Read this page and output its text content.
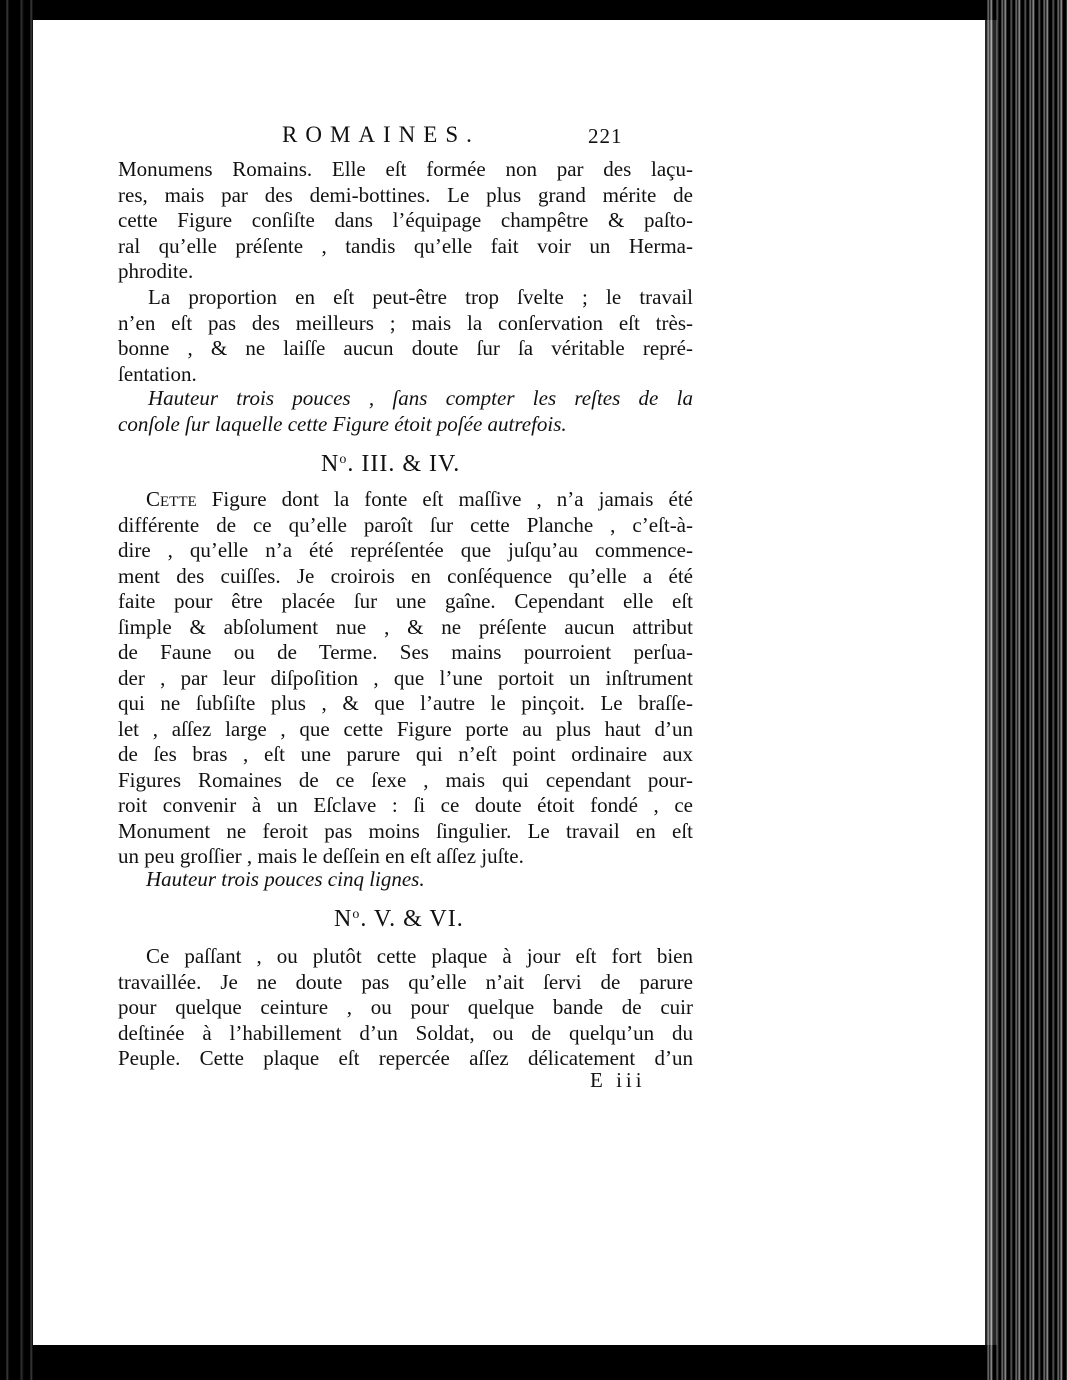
ROMAINES.	221
Monumens Romains. Elle eſt formée non par des laçu-
res, mais par des demi-bottines. Le plus grand mérite de
cette Figure conſiſte dans l’équipage champêtre & paſto-
ral qu’elle préſente , tandis qu’elle fait voir un Herma-
phrodite.
La proportion en eſt peut-être trop ſvelte ; le travail
n’en eſt pas des meilleurs ; mais la conſervation eſt très-
bonne , & ne laiſſe aucun doute ſur ſa véritable repré-
ſentation.
Hauteur trois pouces , ſans compter les reſtes de la
conſole ſur laquelle cette Figure étoit poſée autrefois.
$N^o$. III. & IV.
Cette Figure dont la fonte eſt maſſive , n’a jamais été
différente de ce qu’elle paroît ſur cette Planche , c’eſt-à-
dire , qu’elle n’a été repréſentée que juſqu’au commence-
ment des cuiſſes. Je croirois en conſéquence qu’elle a été
faite pour être placée ſur une gaîne. Cependant elle eſt
ſimple & abſolument nue , & ne préſente aucun attribut
de Faune ou de Terme. Ses mains pourroient perſua-
der , par leur diſpoſition , que l’une portoit un inſtrument
qui ne ſubſiſte plus , & que l’autre le pinçoit. Le braſſe-
let , aſſez large , que cette Figure porte au plus haut d’un
de ſes bras , eſt une parure qui n’eſt point ordinaire aux
Figures Romaines de ce ſexe , mais qui cependant pour-
roit convenir à un Eſclave : ſi ce doute étoit fondé , ce
Monument ne feroit pas moins ſingulier. Le travail en eſt
un peu groſſier , mais le deſſein en eſt aſſez juſte.
Hauteur trois pouces cinq lignes.
$N^o$. V. & VI.
Ce paſſant , ou plutôt cette plaque à jour eſt fort bien
travaillée. Je ne doute pas qu’elle n’ait ſervi de parure
pour quelque ceinture , ou pour quelque bande de cuir
deſtinée à l’habillement d’un Soldat, ou de quelqu’un du
Peuple. Cette plaque eſt repercée aſſez délicatement d’un
E iii
